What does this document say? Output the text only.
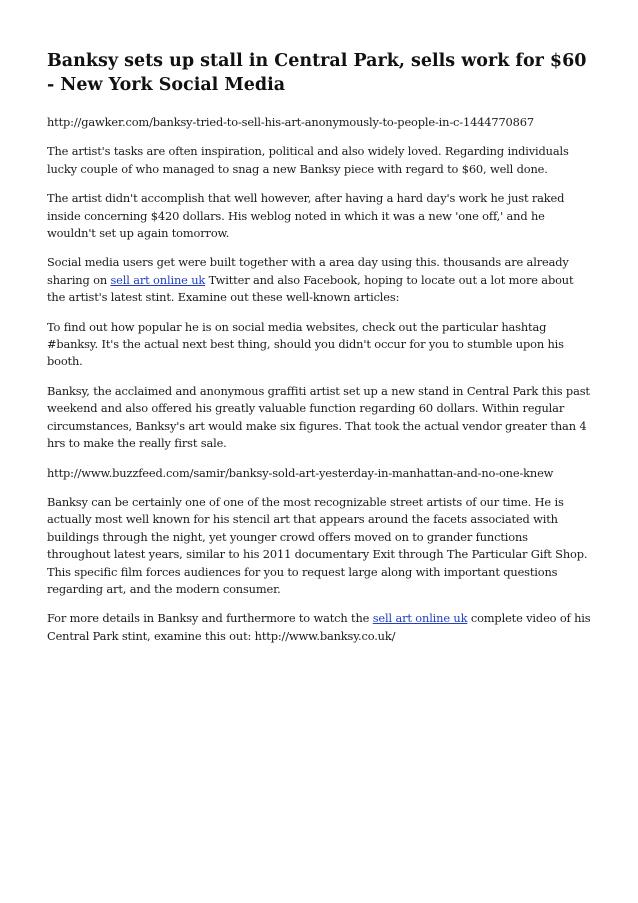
Banksy sets up stall in Central Park, sells work for $60 - New York Social Media

http://gawker.com/banksy-tried-to-sell-his-art-anonymously-to-people-in-c-1444770867

The artist's tasks are often inspiration, political and also widely loved. Regarding individuals lucky couple of who managed to snag a new Banksy piece with regard to $60, well done.

The artist didn't accomplish that well however, after having a hard day's work he just raked inside concerning $420 dollars. His weblog noted in which it was a new 'one off,' and he wouldn't set up again tomorrow.

Social media users get were built together with a area day using this. thousands are already sharing on sell art online uk Twitter and also Facebook, hoping to locate out a lot more about the artist's latest stint. Examine out these well-known articles:

To find out how popular he is on social media websites, check out the particular hashtag #banksy. It's the actual next best thing, should you didn't occur for you to stumble upon his booth.

Banksy, the acclaimed and anonymous graffiti artist set up a new stand in Central Park this past weekend and also offered his greatly valuable function regarding 60 dollars. Within regular circumstances, Banksy's art would make six figures. That took the actual vendor greater than 4 hrs to make the really first sale.

http://www.buzzfeed.com/samir/banksy-sold-art-yesterday-in-manhattan-and-no-one-knew

Banksy can be certainly one of one of the most recognizable street artists of our time. He is actually most well known for his stencil art that appears around the facets associated with buildings through the night, yet younger crowd offers moved on to grander functions throughout latest years, similar to his 2011 documentary Exit through The Particular Gift Shop. This specific film forces audiences for you to request large along with important questions regarding art, and the modern consumer.

For more details in Banksy and furthermore to watch the sell art online uk complete video of his Central Park stint, examine this out: http://www.banksy.co.uk/
